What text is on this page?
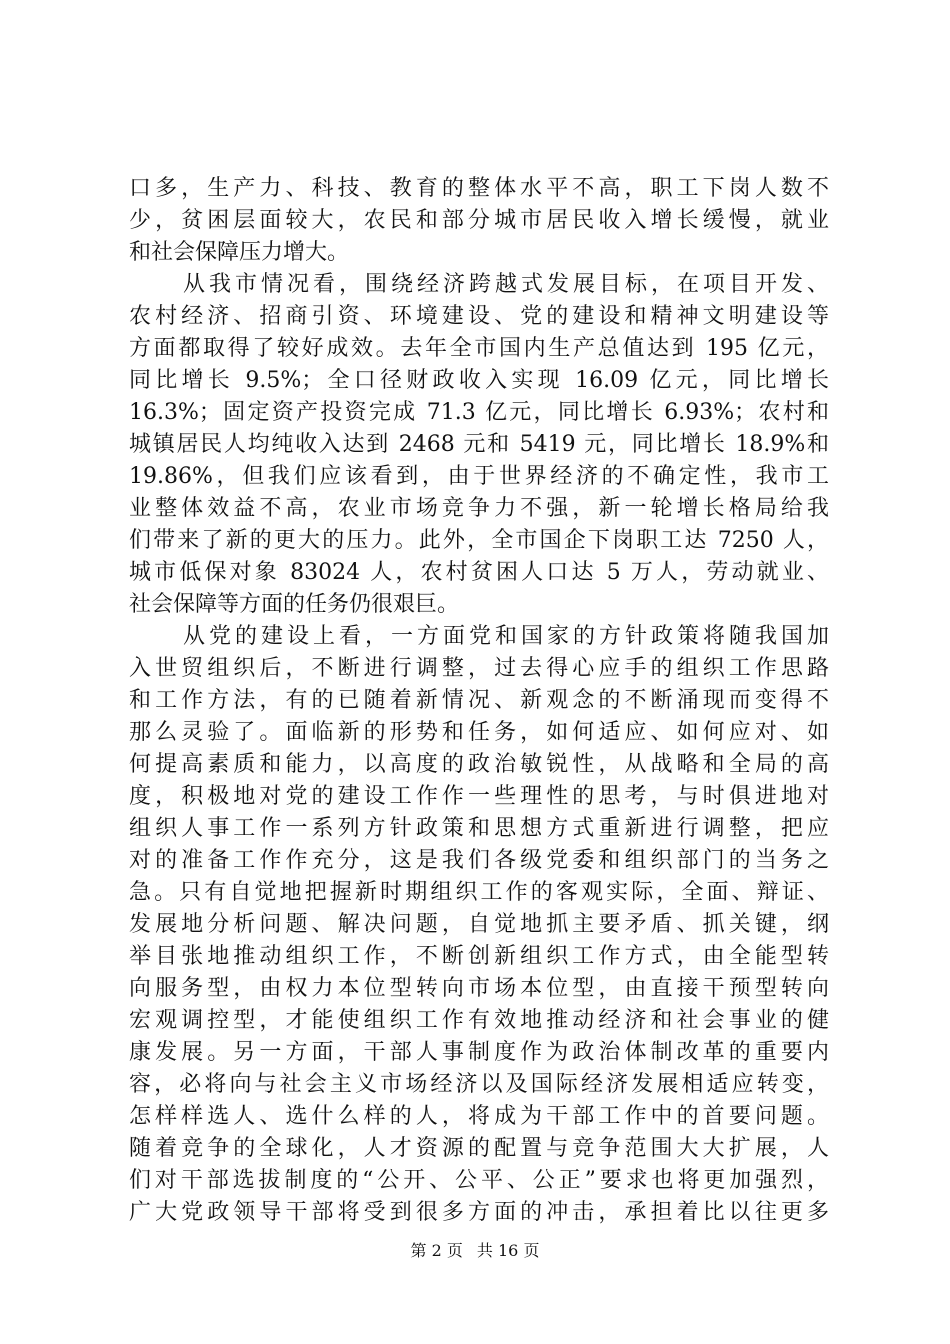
口多，生产力、科技、教育的整体水平不高，职工下岗人数不
少，贫困层面较大，农民和部分城市居民收入增长缓慢，就业
和社会保障压力增大。
从我市情况看，围绕经济跨越式发展目标，在项目开发、
农村经济、招商引资、环境建设、党的建设和精神文明建设等
方面都取得了较好成效。去年全市国内生产总值达到 195 亿元，
同比增长 9.5%；全口径财政收入实现 16.09 亿元，同比增长
16.3%；固定资产投资完成 71.3 亿元，同比增长 6.93%；农村和
城镇居民人均纯收入达到 2468 元和 5419 元，同比增长 18.9%和
19.86%，但我们应该看到，由于世界经济的不确定性，我市工
业整体效益不高，农业市场竞争力不强，新一轮增长格局给我
们带来了新的更大的压力。此外，全市国企下岗职工达 7250 人，
城市低保对象 83024 人，农村贫困人口达 5 万人，劳动就业、
社会保障等方面的任务仍很艰巨。
从党的建设上看，一方面党和国家的方针政策将随我国加
入世贸组织后，不断进行调整，过去得心应手的组织工作思路
和工作方法，有的已随着新情况、新观念的不断涌现而变得不
那么灵验了。面临新的形势和任务，如何适应、如何应对、如
何提高素质和能力，以高度的政治敏锐性，从战略和全局的高
度，积极地对党的建设工作作一些理性的思考，与时俱进地对
组织人事工作一系列方针政策和思想方式重新进行调整，把应
对的准备工作作充分，这是我们各级党委和组织部门的当务之
急。只有自觉地把握新时期组织工作的客观实际，全面、辩证、
发展地分析问题、解决问题，自觉地抓主要矛盾、抓关键，纲
举目张地推动组织工作，不断创新组织工作方式，由全能型转
向服务型，由权力本位型转向市场本位型，由直接干预型转向
宏观调控型，才能使组织工作有效地推动经济和社会事业的健
康发展。另一方面，干部人事制度作为政治体制改革的重要内
容，必将向与社会主义市场经济以及国际经济发展相适应转变，
怎样样选人、选什么样的人，将成为干部工作中的首要问题。
随着竞争的全球化，人才资源的配置与竞争范围大大扩展，人
们对干部选拔制度的“公开、公平、公正”要求也将更加强烈，
广大党政领导干部将受到很多方面的冲击，承担着比以往更多
第 2 页 共 16 页
